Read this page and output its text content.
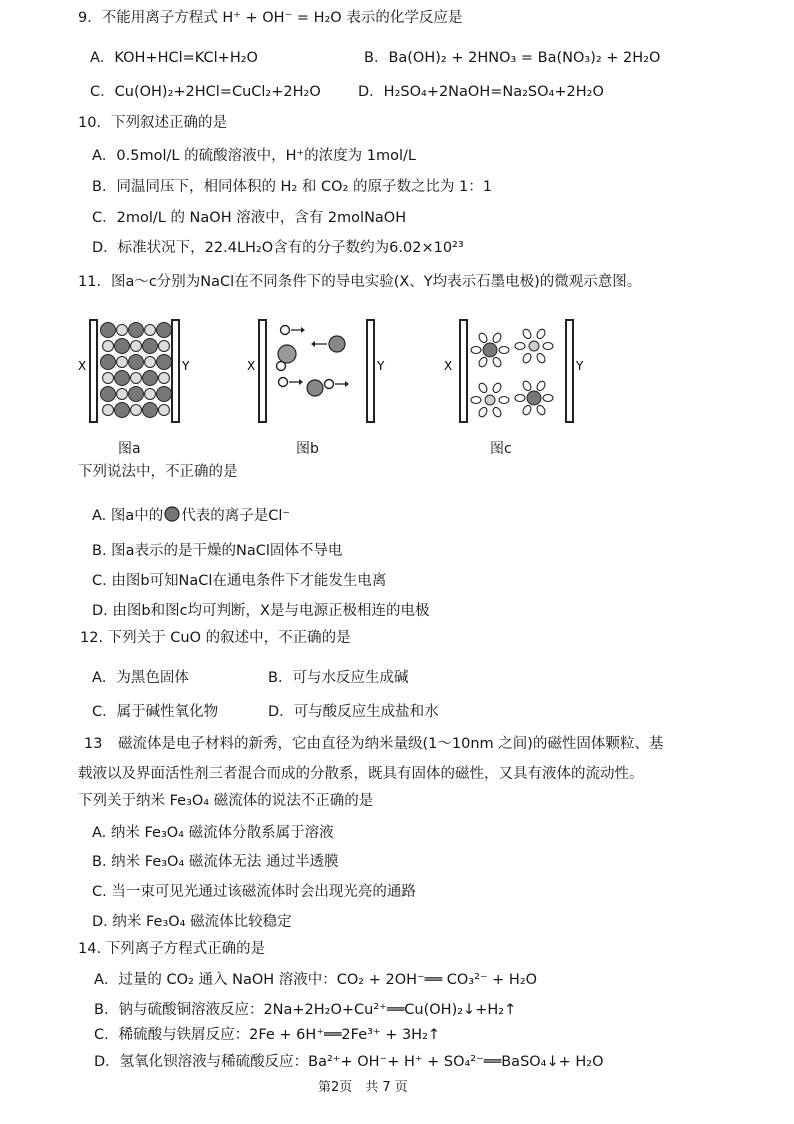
9．不能用离子方程式 H⁺ + OH⁻ = H₂O 表示的化学反应是
A．KOH+HCl=KCl+H₂O	B．Ba(OH)₂ + 2HNO₃ = Ba(NO₃)₂ + 2H₂O
C．Cu(OH)₂+2HCl=CuCl₂+2H₂O	D．H₂SO₄+2NaOH=Na₂SO₄+2H₂O
10．下列叙述正确的是
A．0.5mol/L 的硫酸溶液中，H⁺的浓度为 1mol/L
B．同温同压下，相同体积的 H₂ 和 CO₂ 的原子数之比为 1：1
C．2mol/L 的 NaOH 溶液中，含有 2molNaOH
D．标准状况下，22.4LH₂O含有的分子数约为6.02×10²³
11．图a～c分别为NaCl在不同条件下的导电实验(X、Y均表示石墨电极)的微观示意图。
X	Y
图a
X	Y
图b
X	Y
图c
下列说法中，不正确的是
A. 图a中的 代表的离子是Cl⁻
B. 图a表示的是干燥的NaCl固体不导电
C. 由图b可知NaCl在通电条件下才能发生电离
D. 由图b和图c均可判断，X是与电源正极相连的电极
12. 下列关于 CuO 的叙述中，不正确的是
A．为黑色固体	B．可与水反应生成碱
C．属于碱性氧化物	D．可与酸反应生成盐和水
13 磁流体是电子材料的新秀，它由直径为纳米量级(1～10nm 之间)的磁性固体颗粒、基
载液以及界面活性剂三者混合而成的分散系，既具有固体的磁性，又具有液体的流动性。
下列关于纳米 Fe₃O₄ 磁流体的说法不正确的是
A. 纳米 Fe₃O₄ 磁流体分散系属于溶液
B. 纳米 Fe₃O₄ 磁流体无法 通过半透膜
C. 当一束可见光通过该磁流体时会出现光亮的通路
D. 纳米 Fe₃O₄ 磁流体比较稳定
14. 下列离子方程式正确的是
A．过量的 CO₂ 通入 NaOH 溶液中：CO₂ + 2OH⁻══ CO₃²⁻ + H₂O
B．钠与硫酸铜溶液反应：2Na+2H₂O+Cu²⁺══Cu(OH)₂↓+H₂↑
C．稀硫酸与铁屑反应：2Fe + 6H⁺══2Fe³⁺ + 3H₂↑
D．氢氧化钡溶液与稀硫酸反应：Ba²⁺+ OH⁻+ H⁺ + SO₄²⁻══BaSO₄↓+ H₂O
第2页　共 7 页
